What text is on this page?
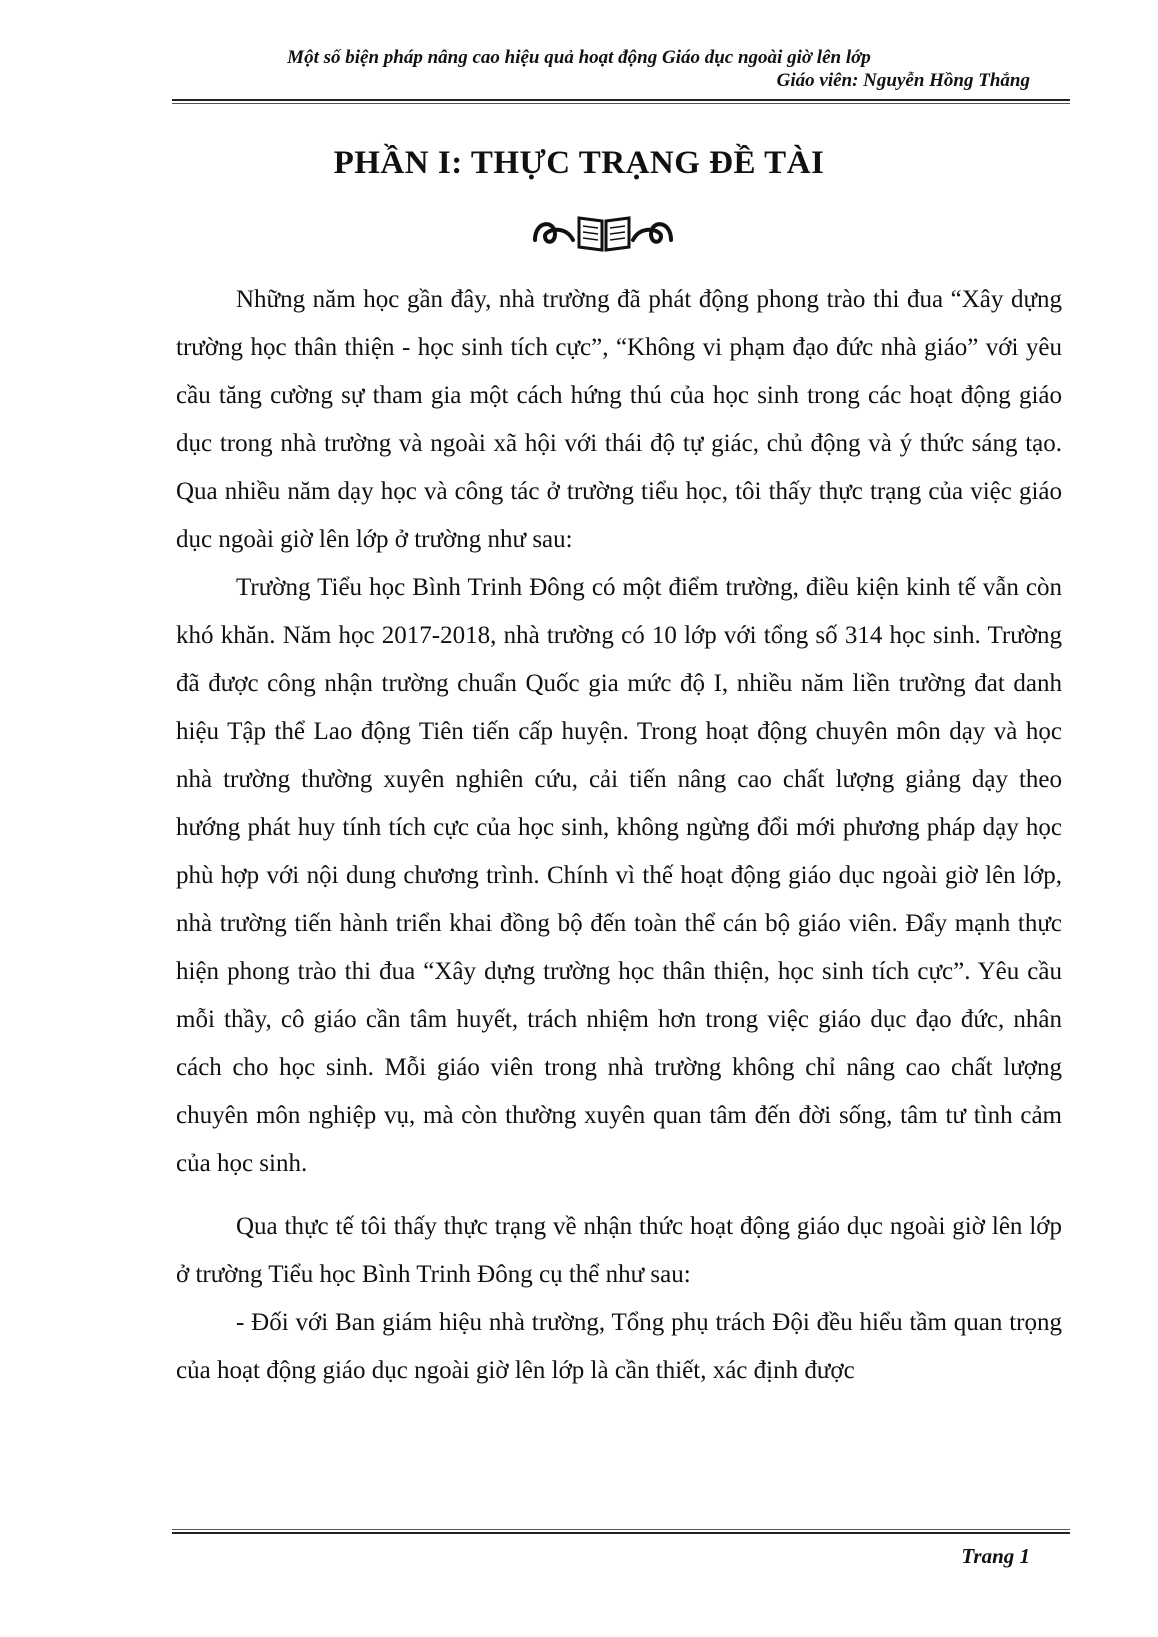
Một số biện pháp nâng cao hiệu quả hoạt động Giáo dục ngoài giờ lên lớp
Giáo viên: Nguyễn Hồng Thắng
PHẦN I: THỰC TRẠNG ĐỀ TÀI

Những năm học gần đây, nhà trường đã phát động phong trào thi đua “Xây dựng trường học thân thiện - học sinh tích cực”, “Không vi phạm đạo đức nhà giáo” với yêu cầu tăng cường sự tham gia một cách hứng thú của học sinh trong các hoạt động giáo dục trong nhà trường và ngoài xã hội với thái độ tự giác, chủ động và ý thức sáng tạo. Qua nhiều năm dạy học và công tác ở trường tiểu học, tôi thấy thực trạng của việc giáo dục ngoài giờ lên lớp ở trường như sau:

Trường Tiểu học Bình Trinh Đông có một điểm trường, điều kiện kinh tế vẫn còn khó khăn. Năm học 2017-2018, nhà trường có 10 lớp với tổng số 314 học sinh. Trường đã được công nhận trường chuẩn Quốc gia mức độ I, nhiều năm liền trường đat danh hiệu Tập thể Lao động Tiên tiến cấp huyện. Trong hoạt động chuyên môn dạy và học nhà trường thường xuyên nghiên cứu, cải tiến nâng cao chất lượng giảng dạy theo hướng phát huy tính tích cực của học sinh, không ngừng đổi mới phương pháp dạy học phù hợp với nội dung chương trình. Chính vì thế hoạt động giáo dục ngoài giờ lên lớp, nhà trường tiến hành triển khai đồng bộ đến toàn thể cán bộ giáo viên. Đẩy mạnh thực hiện phong trào thi đua “Xây dựng trường học thân thiện, học sinh tích cực”. Yêu cầu mỗi thầy, cô giáo cần tâm huyết, trách nhiệm hơn trong việc giáo dục đạo đức, nhân cách cho học sinh. Mỗi giáo viên trong nhà trường không chỉ nâng cao chất lượng chuyên môn nghiệp vụ, mà còn thường xuyên quan tâm đến đời sống, tâm tư tình cảm của học sinh.

Qua thực tế tôi thấy thực trạng về nhận thức hoạt động giáo dục ngoài giờ lên lớp ở trường Tiểu học Bình Trinh Đông cụ thể như sau:

- Đối với Ban giám hiệu nhà trường, Tổng phụ trách Đội đều hiểu tầm quan trọng của hoạt động giáo dục ngoài giờ lên lớp là cần thiết, xác định được

Trang 1
